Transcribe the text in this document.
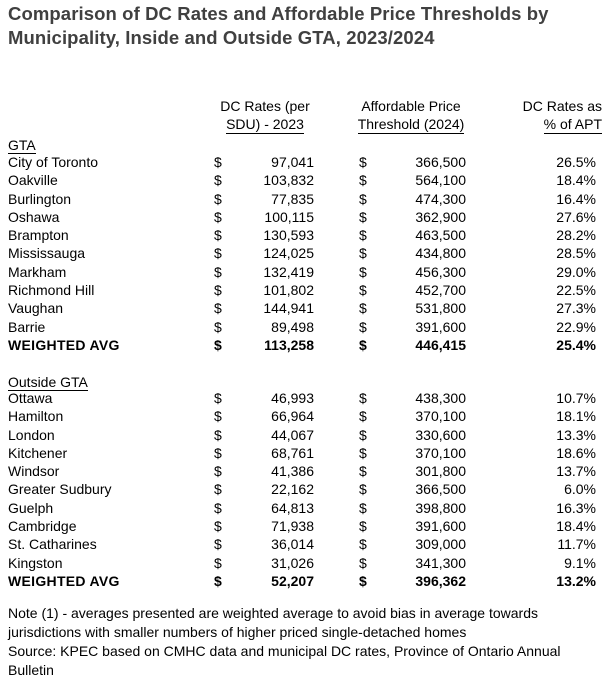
Comparison of DC Rates and Affordable Price Thresholds by Municipality, Inside and Outside GTA, 2023/2024
DC Rates (per
SDU) - 2023
Affordable Price
Threshold (2024)
DC Rates as
% of APT
GTA
City of Toronto	$	97,041	$	366,500	26.5%
Oakville	$	103,832	$	564,100	18.4%
Burlington	$	77,835	$	474,300	16.4%
Oshawa	$	100,115	$	362,900	27.6%
Brampton	$	130,593	$	463,500	28.2%
Mississauga	$	124,025	$	434,800	28.5%
Markham	$	132,419	$	456,300	29.0%
Richmond Hill	$	101,802	$	452,700	22.5%
Vaughan	$	144,941	$	531,800	27.3%
Barrie	$	89,498	$	391,600	22.9%
WEIGHTED AVG	$	113,258	$	446,415	25.4%
Outside GTA
Ottawa	$	46,993	$	438,300	10.7%
Hamilton	$	66,964	$	370,100	18.1%
London	$	44,067	$	330,600	13.3%
Kitchener	$	68,761	$	370,100	18.6%
Windsor	$	41,386	$	301,800	13.7%
Greater Sudbury	$	22,162	$	366,500	6.0%
Guelph	$	64,813	$	398,800	16.3%
Cambridge	$	71,938	$	391,600	18.4%
St. Catharines	$	36,014	$	309,000	11.7%
Kingston	$	31,026	$	341,300	9.1%
WEIGHTED AVG	$	52,207	$	396,362	13.2%
Note (1) - averages presented are weighted average to avoid bias in average towards jurisdictions with smaller numbers of higher priced single-detached homes
Source: KPEC based on CMHC data and municipal DC rates, Province of Ontario Annual Bulletin
